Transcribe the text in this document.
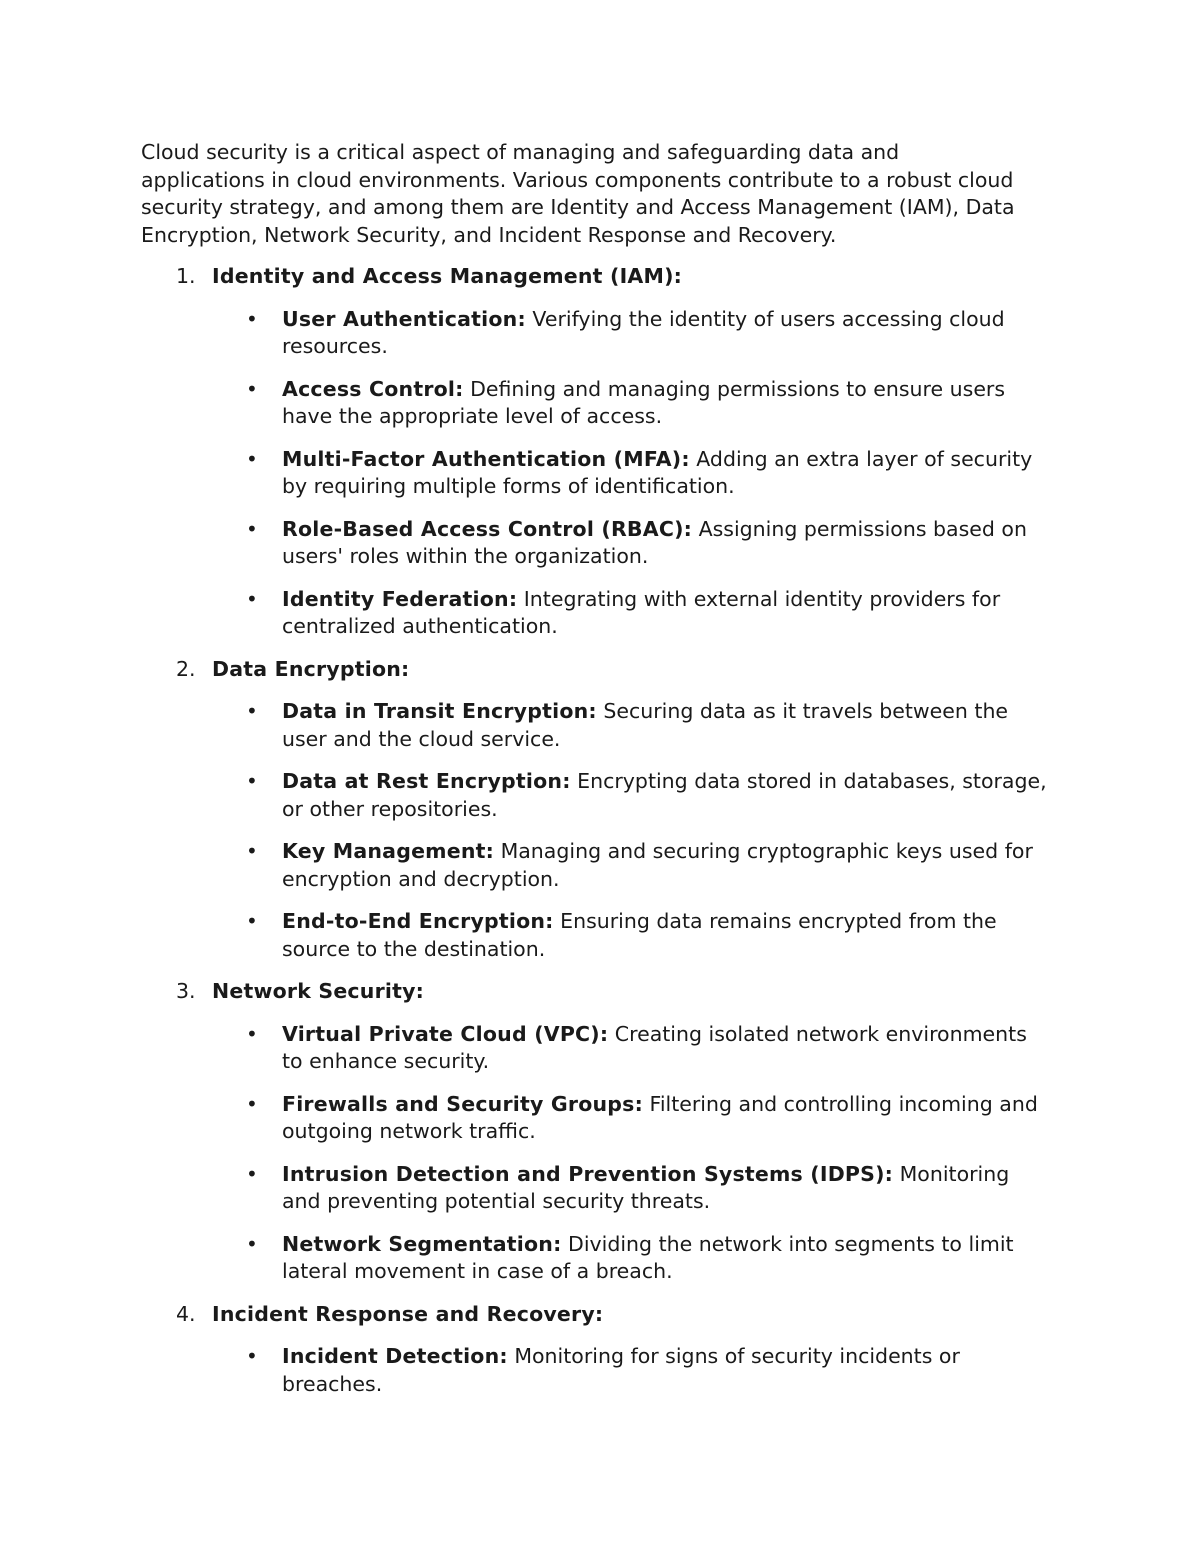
Cloud security is a critical aspect of managing and safeguarding data and applications in cloud environments. Various components contribute to a robust cloud security strategy, and among them are Identity and Access Management (IAM), Data Encryption, Network Security, and Incident Response and Recovery.

1. Identity and Access Management (IAM):
• User Authentication: Verifying the identity of users accessing cloud resources.
• Access Control: Defining and managing permissions to ensure users have the appropriate level of access.
• Multi-Factor Authentication (MFA): Adding an extra layer of security by requiring multiple forms of identification.
• Role-Based Access Control (RBAC): Assigning permissions based on users' roles within the organization.
• Identity Federation: Integrating with external identity providers for centralized authentication.
2. Data Encryption:
• Data in Transit Encryption: Securing data as it travels between the user and the cloud service.
• Data at Rest Encryption: Encrypting data stored in databases, storage, or other repositories.
• Key Management: Managing and securing cryptographic keys used for encryption and decryption.
• End-to-End Encryption: Ensuring data remains encrypted from the source to the destination.
3. Network Security:
• Virtual Private Cloud (VPC): Creating isolated network environments to enhance security.
• Firewalls and Security Groups: Filtering and controlling incoming and outgoing network traffic.
• Intrusion Detection and Prevention Systems (IDPS): Monitoring and preventing potential security threats.
• Network Segmentation: Dividing the network into segments to limit lateral movement in case of a breach.
4. Incident Response and Recovery:
• Incident Detection: Monitoring for signs of security incidents or breaches.
